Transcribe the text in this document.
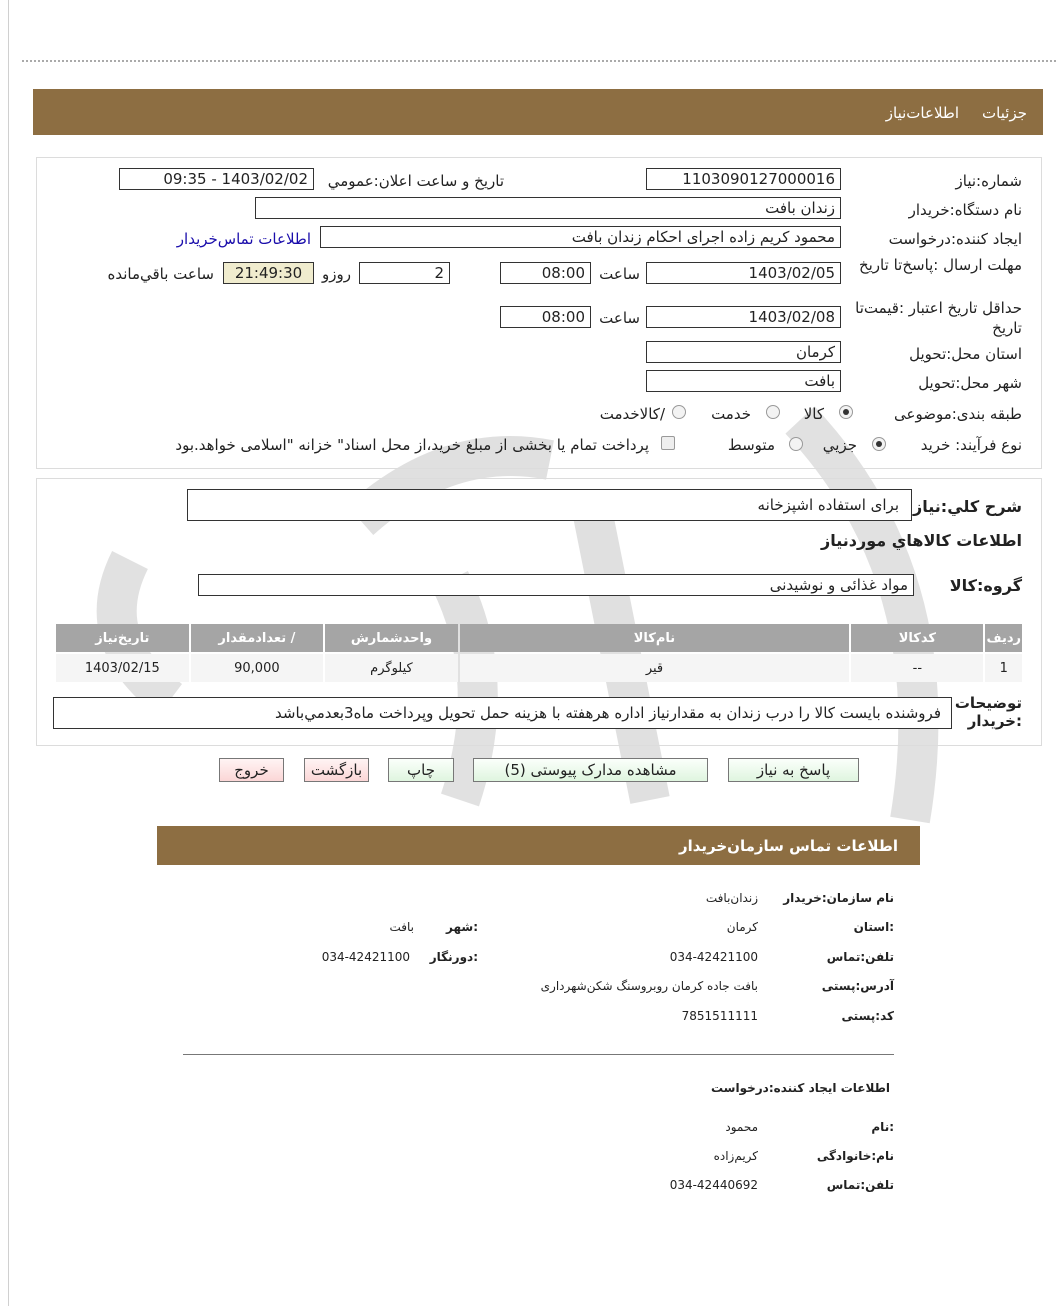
جزئيات
اطلاعات‌نياز
شماره:نياز
1103090127000016
تاريخ و ساعت اعلان:عمومي
1403/02/02 - 09:35
نام دستگاه:خريدار
زندان بافت
ايجاد کننده:درخواست
محمود کريم زاده اجرای احکام زندان بافت
اطلاعات تماس‌خريدار
مهلت ارسال :پاسخ‌تا تاريخ
1403/02/05
ساعت
08:00
2
روزو
21:49:30
ساعت باقي‌مانده
حداقل تاريخ اعتبار :قيمت‌تا تاريخ
1403/02/08
ساعت
08:00
استان محل:تحويل
کرمان
شهر محل:تحويل
بافت
طبقه بندی:موضوعی
کالا
خدمت
/کالاخدمت
نوع فرآيند: خريد
جزيي
متوسط
پرداخت تمام يا بخشی از مبلغ خريد،از محل اسناد" خزانه "اسلامی خواهد.بود
شرح کلي:نياز
برای استفاده اشپزخانه
اطلاعات کالاهاي موردنياز
گروه:کالا
مواد غذائی و نوشيدنی
رديف	کدکالا	نام‌کالا	واحدشمارش	/ تعدادمقدار	تاريخ‌نياز
1	--	قير	کيلوگرم	90,000	1403/02/15
توضيحات :خريدار
فروشنده بايست کالا را درب زندان به مقدارنياز اداره هرهفته با هزينه حمل تحويل وپرداخت ماه3بعدمي‌باشد
پاسخ به نياز
مشاهده مدارک پيوستی (5)
چاپ
بازگشت
خروج
اطلاعات تماس سازمان‌خريدار
نام سازمان:خريدار
زندان‌بافت
:استان
کرمان
:شهر
بافت
تلفن:تماس
034-42421100
:دورنگار
034-42421100
آدرس:پستی
بافت جاده کرمان روبروسنگ شکن‌شهرداری
کد:پستی
7851511111
اطلاعات ايجاد کننده:درخواست
:نام
محمود
نام:خانوادگی
کريم‌زاده
تلفن:تماس
034-42440692
